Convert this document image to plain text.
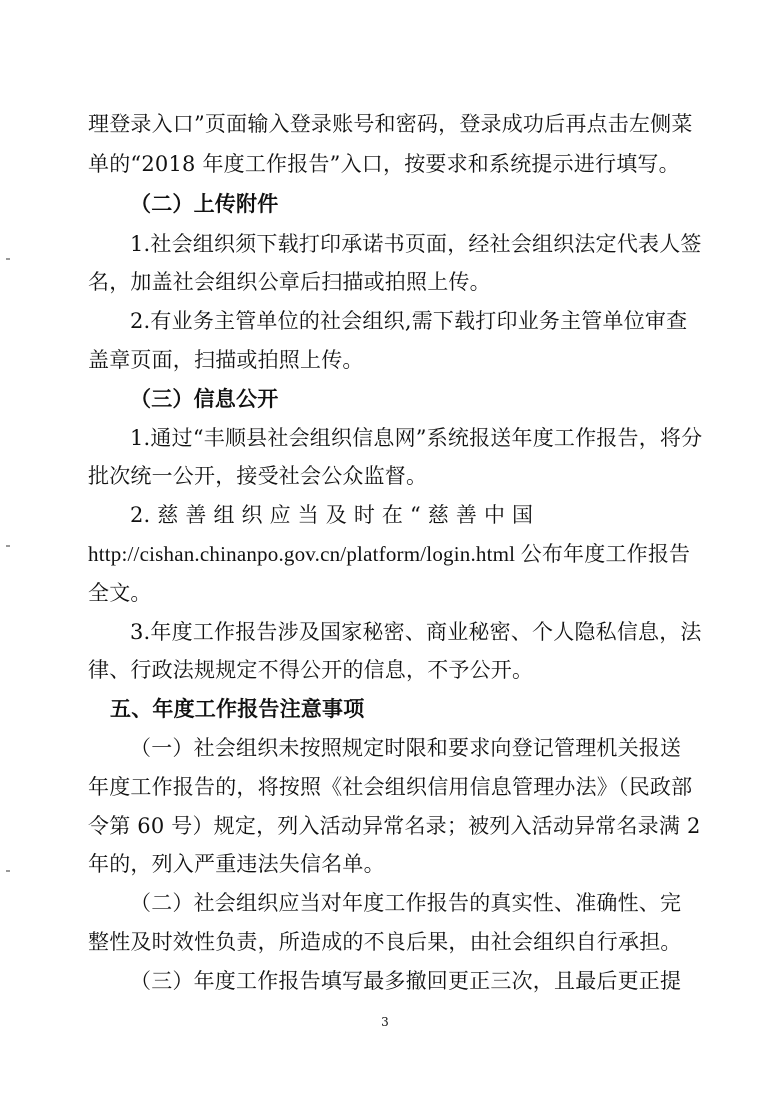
理登录入口”页面输入登录账号和密码，登录成功后再点击左侧菜
单的“2018 年度工作报告”入口，按要求和系统提示进行填写。
（二）上传附件
1.社会组织须下载打印承诺书页面，经社会组织法定代表人签
名，加盖社会组织公章后扫描或拍照上传。
2.有业务主管单位的社会组织,需下载打印业务主管单位审查
盖章页面，扫描或拍照上传。
（三）信息公开
1.通过“丰顺县社会组织信息网”系统报送年度工作报告，将分
批次统一公开，接受社会公众监督。
2. 慈 善 组 织 应 当 及 时 在 “ 慈 善 中 国
http://cishan.chinanpo.gov.cn/platform/login.html 公布年度工作报告
全文。
3.年度工作报告涉及国家秘密、商业秘密、个人隐私信息，法
律、行政法规规定不得公开的信息，不予公开。
五、年度工作报告注意事项
（一）社会组织未按照规定时限和要求向登记管理机关报送
年度工作报告的，将按照《社会组织信用信息管理办法》（民政部
令第 60 号）规定，列入活动异常名录；被列入活动异常名录满 2
年的，列入严重违法失信名单。
（二）社会组织应当对年度工作报告的真实性、准确性、完
整性及时效性负责，所造成的不良后果，由社会组织自行承担。
（三）年度工作报告填写最多撤回更正三次，且最后更正提
3
